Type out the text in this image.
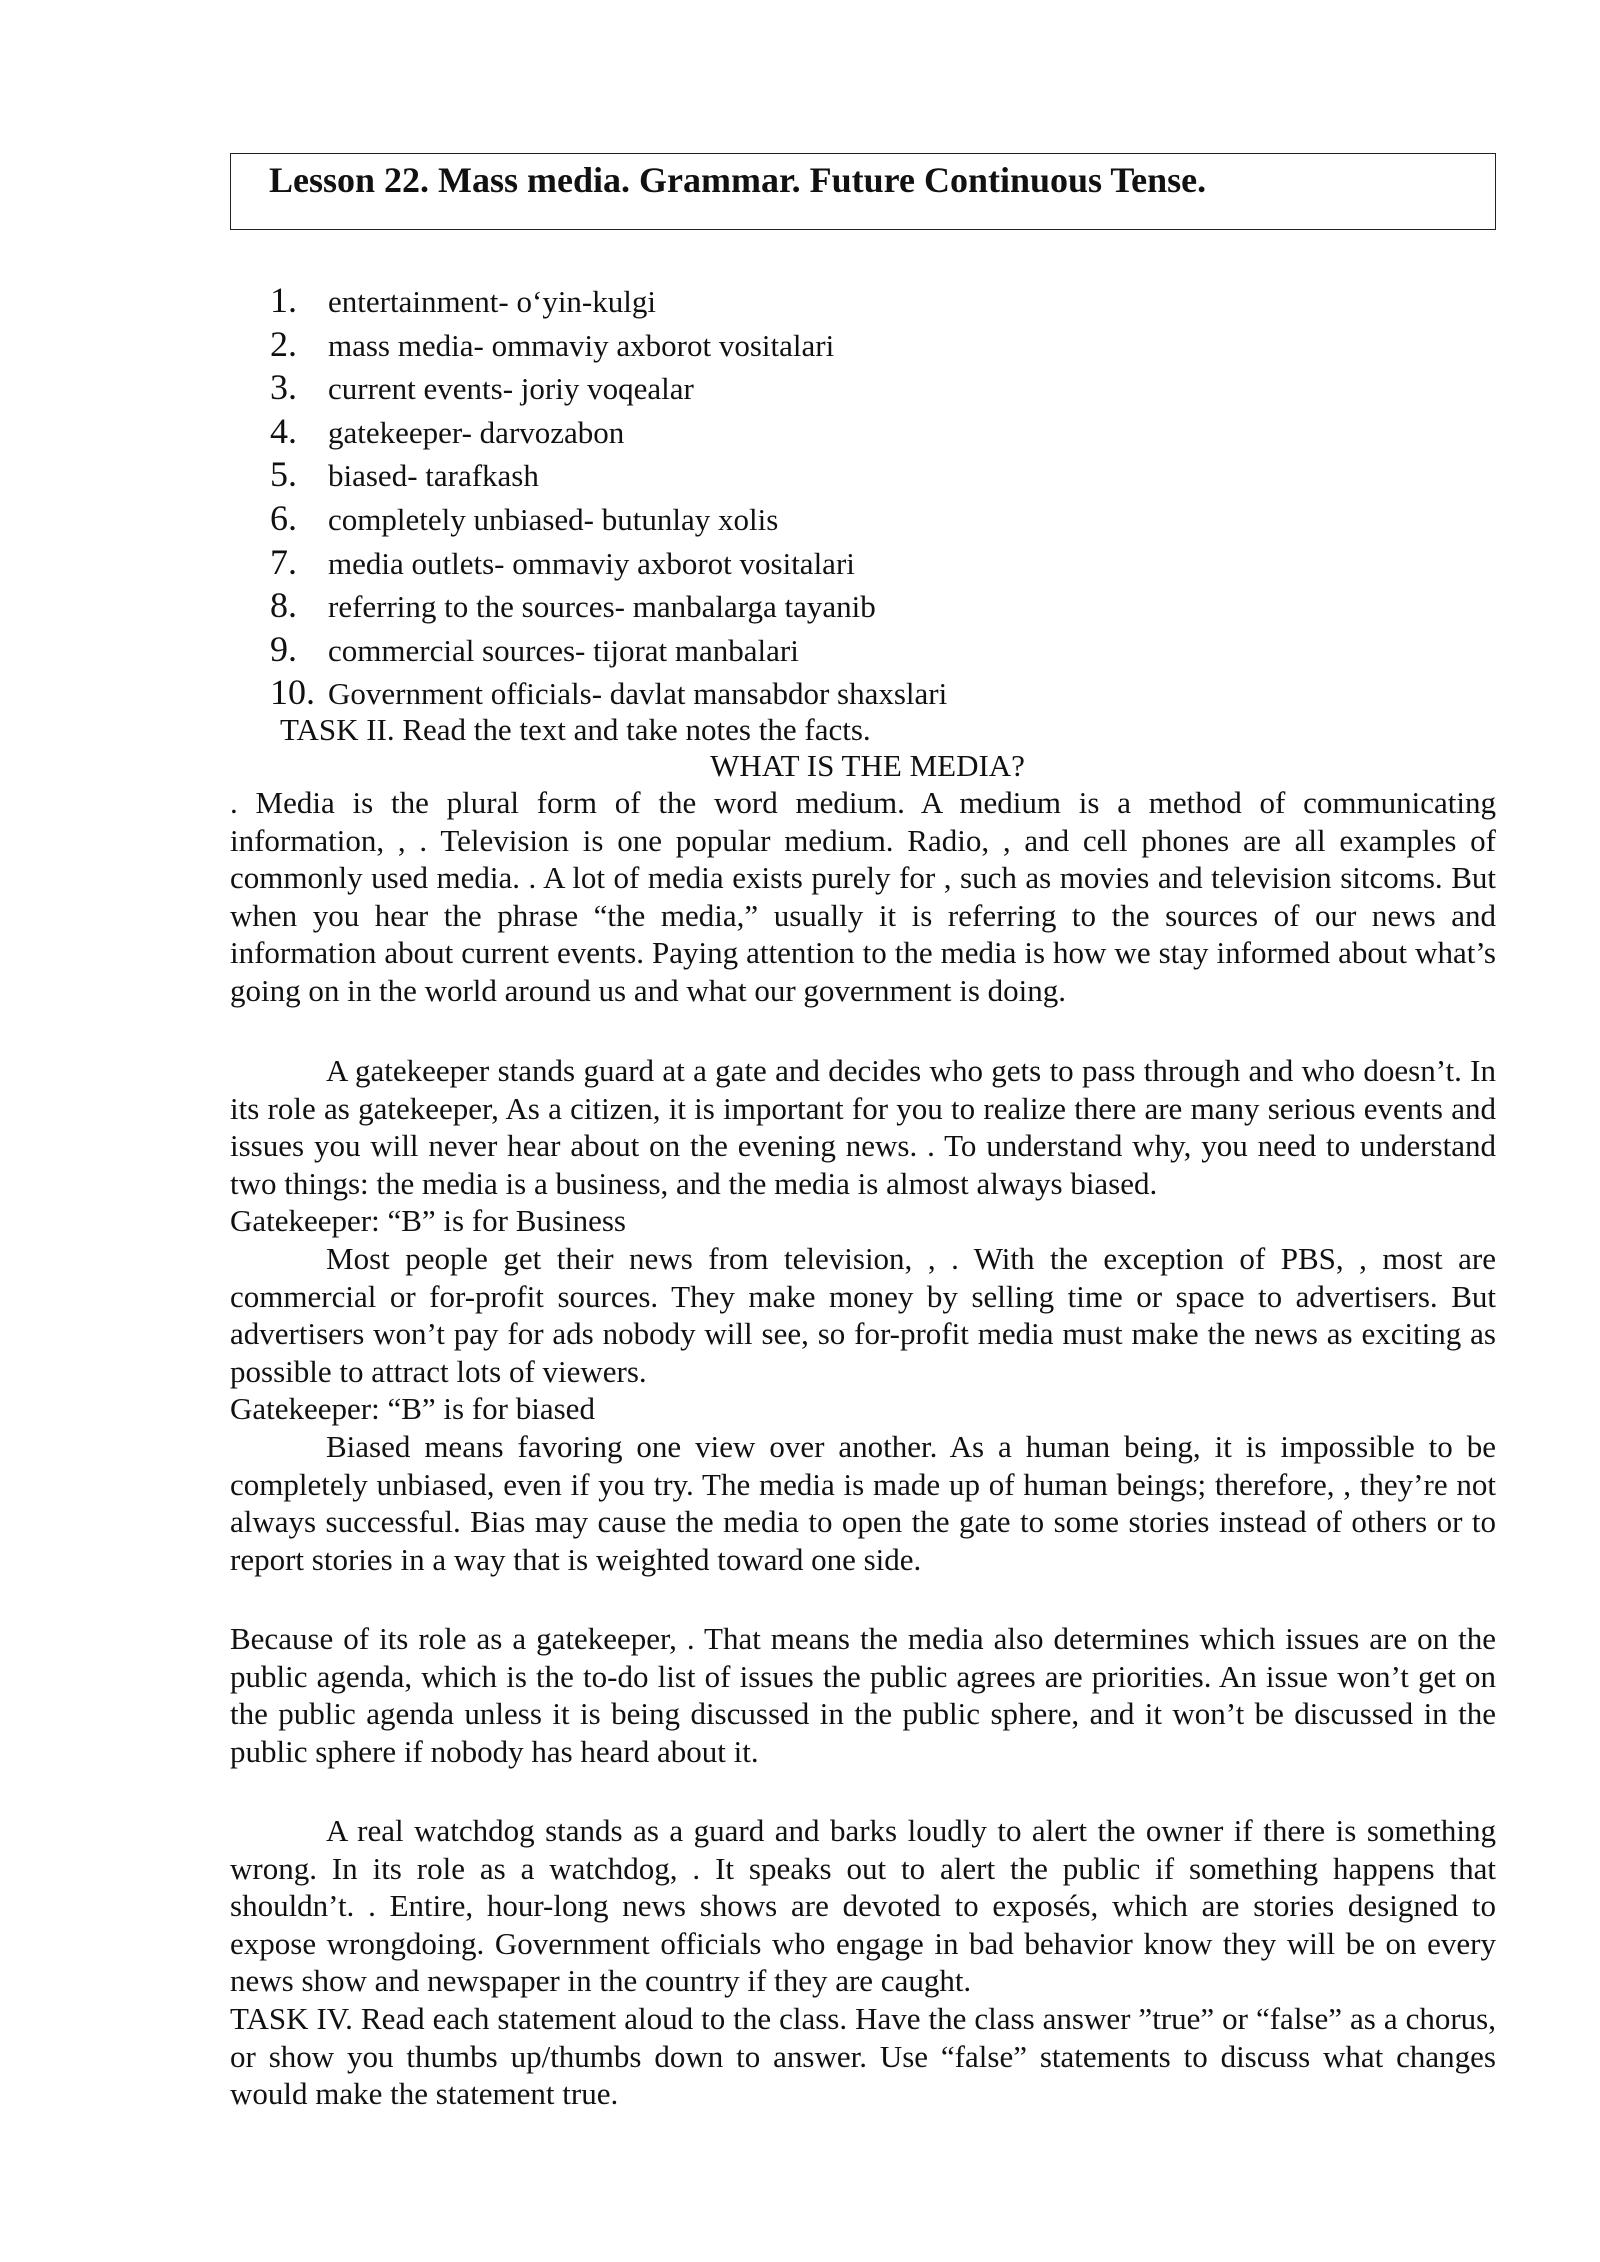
Lesson 22. Mass media. Grammar. Future Continuous Tense.
1. entertainment- o‘yin-kulgi
2. mass media- ommaviy axborot vositalari
3. current events- joriy voqealar
4. gatekeeper- darvozabon
5. biased- tarafkash
6. completely unbiased- butunlay xolis
7. media outlets- ommaviy axborot vositalari
8. referring to the sources- manbalarga tayanib
9. commercial sources- tijorat manbalari
10. Government officials- davlat mansabdor shaxslari
TASK II. Read the text and take notes the facts.
WHAT IS THE MEDIA?

. Media is the plural form of the word medium. A medium is a method of communicating information, , . Television is one popular medium. Radio, , and cell phones are all examples of commonly used media. . A lot of media exists purely for , such as movies and television sitcoms. But when you hear the phrase “the media,” usually it is referring to the sources of our news and information about current events. Paying attention to the media is how we stay informed about what’s going on in the world around us and what our government is doing.

A gatekeeper stands guard at a gate and decides who gets to pass through and who doesn’t. In its role as gatekeeper, As a citizen, it is important for you to realize there are many serious events and issues you will never hear about on the evening news. . To understand why, you need to understand two things: the media is a business, and the media is almost always biased.

Gatekeeper: “B” is for Business

Most people get their news from television, , . With the exception of PBS, , most are commercial or for-profit sources. They make money by selling time or space to advertisers. But advertisers won’t pay for ads nobody will see, so for-profit media must make the news as exciting as possible to attract lots of viewers.

Gatekeeper: “B” is for biased

Biased means favoring one view over another. As a human being, it is impossible to be completely unbiased, even if you try. The media is made up of human beings; therefore, , they’re not always successful. Bias may cause the media to open the gate to some stories instead of others or to report stories in a way that is weighted toward one side.

Because of its role as a gatekeeper, . That means the media also determines which issues are on the public agenda, which is the to-do list of issues the public agrees are priorities. An issue won’t get on the public agenda unless it is being discussed in the public sphere, and it won’t be discussed in the public sphere if nobody has heard about it.

A real watchdog stands as a guard and barks loudly to alert the owner if there is something wrong. In its role as a watchdog, . It speaks out to alert the public if something happens that shouldn’t. . Entire, hour-long news shows are devoted to exposés, which are stories designed to expose wrongdoing. Government officials who engage in bad behavior know they will be on every news show and newspaper in the country if they are caught.

TASK IV. Read each statement aloud to the class. Have the class answer ”true” or “false” as a chorus, or show you thumbs up/thumbs down to answer. Use “false” statements to discuss what changes would make the statement true.
